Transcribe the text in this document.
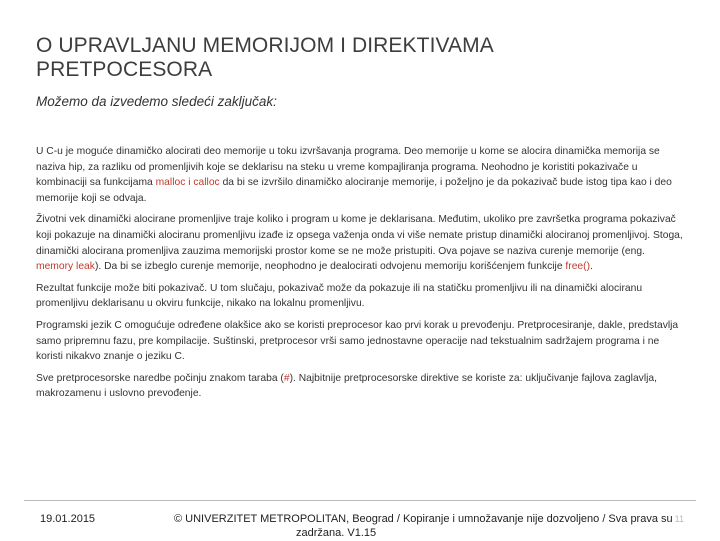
O UPRAVLJANU MEMORIJOM I DIREKTIVAMA
PRETPOCESORA
Možemo da izvedemo sledeći zaključak:

U C-u je moguće dinamičko alocirati deo memorije u toku izvršavanja programa. Deo memorije u kome se alocira dinamička memorija se naziva hip, za razliku od promenljivih koje se deklarisu na steku u vreme kompajliranja programa. Neohodno je koristiti pokazivače u kombinaciji sa funkcijama malloc i calloc da bi se izvršilo dinamičko alociranje memorije, i poželjno je da pokazivač bude istog tipa kao i deo memorije koji se odvaja.

Životni vek dinamički alocirane promenljive traje koliko i program u kome je deklarisana. Međutim, ukoliko pre završetka programa pokazivač koji pokazuje na dinamički alociranu promenljivu izađe iz opsega važenja onda vi više nemate pristup dinamički alociranoj promenljivoj. Stoga, dinamički alocirana promenljiva zauzima memorijski prostor kome se ne može pristupiti. Ova pojave se naziva curenje memorije (eng. memory leak). Da bi se izbeglo curenje memorije, neophodno je dealocirati odvojenu memoriju korišćenjem funkcije free().

Rezultat funkcije može biti pokazivač. U tom slučaju, pokazivač može da pokazuje ili na statičku promenljivu ili na dinamički alociranu promenljivu deklarisanu u okviru funkcije, nikako na lokalnu promenljivu.

Programski jezik C omogućuje određene olakšice ako se koristi preprocesor kao prvi korak u prevođenju. Pretprocesiranje, dakle, predstavlja samo pripremnu fazu, pre kompilacije. Suštinski, pretprocesor vrši samo jednostavne operacije nad tekstualnim sadržajem programa i ne koristi nikakvo znanje o jeziku C.

Sve pretprocesorske naredbe počinju znakom taraba (#). Najbitnije pretprocesorske direktive se koriste za: uključivanje fajlova zaglavlja, makrozamenu i uslovno prevođenje.

19.01.2015	© UNIVERZITET METROPOLITAN, Beograd / Kopiranje i umnožavanje nije dozvoljeno / Sva prava su
zadržana. V1.15
11
